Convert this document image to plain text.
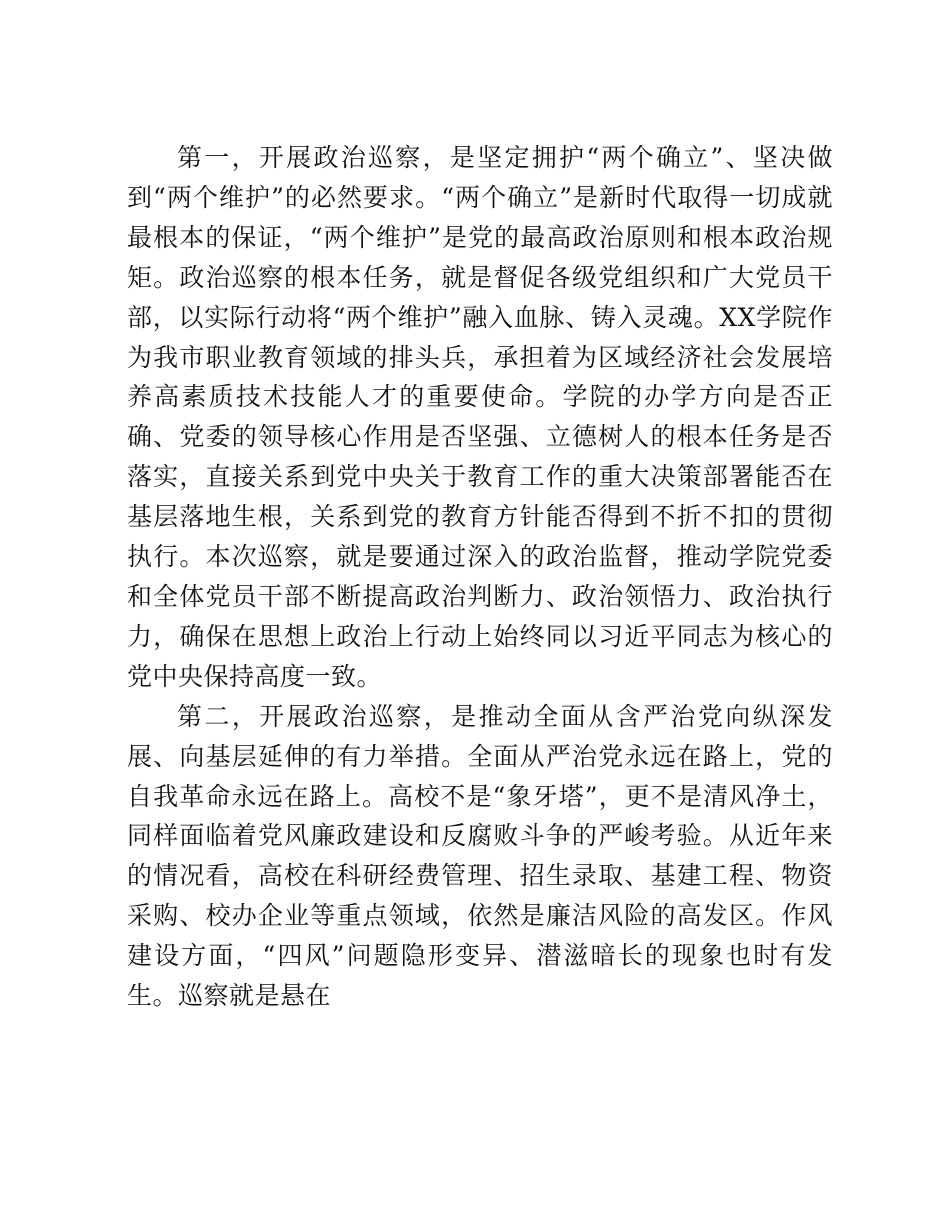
第一，开展政治巡察，是坚定拥护“两个确立”、坚决做到“两个维护”的必然要求。“两个确立”是新时代取得一切成就最根本的保证，“两个维护”是党的最高政治原则和根本政治规矩。政治巡察的根本任务，就是督促各级党组织和广大党员干部，以实际行动将“两个维护”融入血脉、铸入灵魂。XX学院作为我市职业教育领域的排头兵，承担着为区域经济社会发展培养高素质技术技能人才的重要使命。学院的办学方向是否正确、党委的领导核心作用是否坚强、立德树人的根本任务是否落实，直接关系到党中央关于教育工作的重大决策部署能否在基层落地生根，关系到党的教育方针能否得到不折不扣的贯彻执行。本次巡察，就是要通过深入的政治监督，推动学院党委和全体党员干部不断提高政治判断力、政治领悟力、政治执行力，确保在思想上政治上行动上始终同以习近平同志为核心的党中央保持高度一致。

第二，开展政治巡察，是推动全面从含严治党向纵深发展、向基层延伸的有力举措。全面从严治党永远在路上，党的自我革命永远在路上。高校不是“象牙塔”，更不是清风净土，同样面临着党风廉政建设和反腐败斗争的严峻考验。从近年来的情况看，高校在科研经费管理、招生录取、基建工程、物资采购、校办企业等重点领域，依然是廉洁风险的高发区。作风建设方面，“四风”问题隐形变异、潜滋暗长的现象也时有发生。巡察就是悬在
